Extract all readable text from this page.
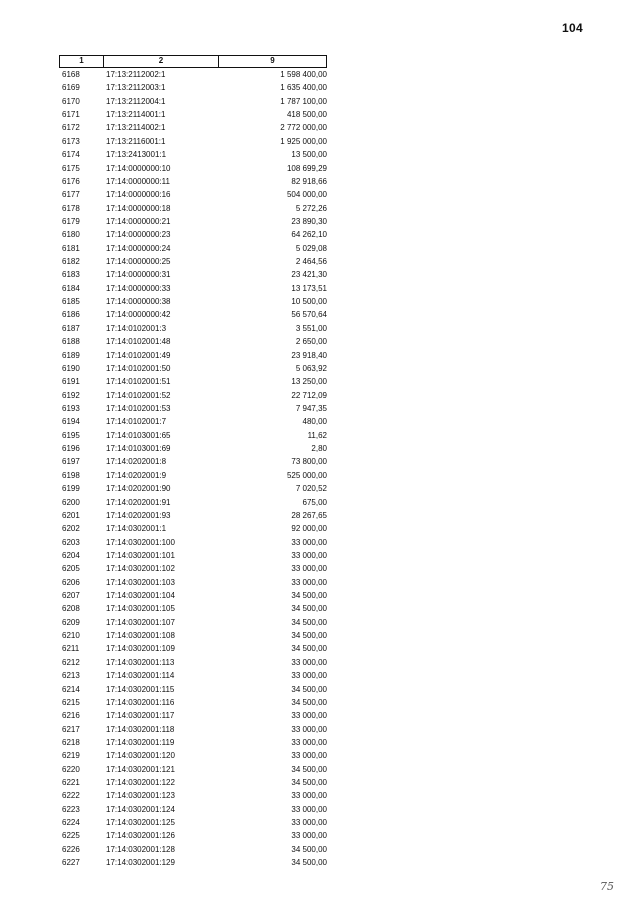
104
1	2	9
6168	17:13:2112002:1	1 598 400,00
6169	17:13:2112003:1	1 635 400,00
6170	17:13:2112004:1	1 787 100,00
6171	17:13:2114001:1	418 500,00
6172	17:13:2114002:1	2 772 000,00
6173	17:13:2116001:1	1 925 000,00
6174	17:13:2413001:1	13 500,00
6175	17:14:0000000:10	108 699,29
6176	17:14:0000000:11	82 918,66
6177	17:14:0000000:16	504 000,00
6178	17:14:0000000:18	5 272,26
6179	17:14:0000000:21	23 890,30
6180	17:14:0000000:23	64 262,10
6181	17:14:0000000:24	5 029,08
6182	17:14:0000000:25	2 464,56
6183	17:14:0000000:31	23 421,30
6184	17:14:0000000:33	13 173,51
6185	17:14:0000000:38	10 500,00
6186	17:14:0000000:42	56 570,64
6187	17:14:0102001:3	3 551,00
6188	17:14:0102001:48	2 650,00
6189	17:14:0102001:49	23 918,40
6190	17:14:0102001:50	5 063,92
6191	17:14:0102001:51	13 250,00
6192	17:14:0102001:52	22 712,09
6193	17:14:0102001:53	7 947,35
6194	17:14:0102001:7	480,00
6195	17:14:0103001:65	11,62
6196	17:14:0103001:69	2,80
6197	17:14:0202001:8	73 800,00
6198	17:14:0202001:9	525 000,00
6199	17:14:0202001:90	7 020,52
6200	17:14:0202001:91	675,00
6201	17:14:0202001:93	28 267,65
6202	17:14:0302001:1	92 000,00
6203	17:14:0302001:100	33 000,00
6204	17:14:0302001:101	33 000,00
6205	17:14:0302001:102	33 000,00
6206	17:14:0302001:103	33 000,00
6207	17:14:0302001:104	34 500,00
6208	17:14:0302001:105	34 500,00
6209	17:14:0302001:107	34 500,00
6210	17:14:0302001:108	34 500,00
6211	17:14:0302001:109	34 500,00
6212	17:14:0302001:113	33 000,00
6213	17:14:0302001:114	33 000,00
6214	17:14:0302001:115	34 500,00
6215	17:14:0302001:116	34 500,00
6216	17:14:0302001:117	33 000,00
6217	17:14:0302001:118	33 000,00
6218	17:14:0302001:119	33 000,00
6219	17:14:0302001:120	33 000,00
6220	17:14:0302001:121	34 500,00
6221	17:14:0302001:122	34 500,00
6222	17:14:0302001:123	33 000,00
6223	17:14:0302001:124	33 000,00
6224	17:14:0302001:125	33 000,00
6225	17:14:0302001:126	33 000,00
6226	17:14:0302001:128	34 500,00
6227	17:14:0302001:129	34 500,00
75
